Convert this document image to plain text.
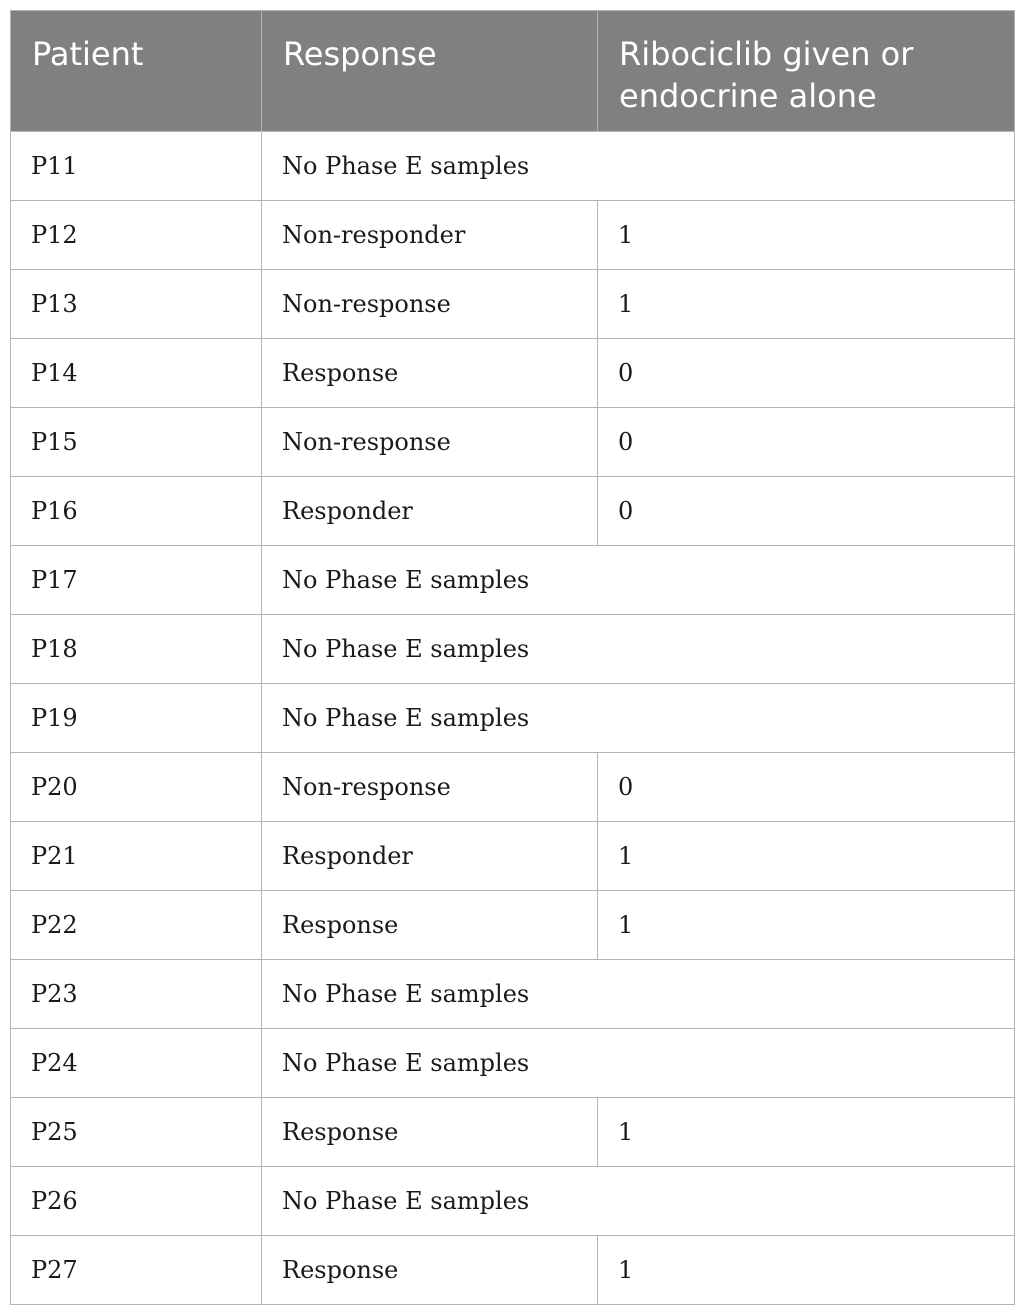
Patient	Response	Ribociclib given or endocrine alone
P11	No Phase E samples	
P12	Non-responder	1
P13	Non-response	1
P14	Response	0
P15	Non-response	0
P16	Responder	0
P17	No Phase E samples	
P18	No Phase E samples	
P19	No Phase E samples	
P20	Non-response	0
P21	Responder	1
P22	Response	1
P23	No Phase E samples	
P24	No Phase E samples	
P25	Response	1
P26	No Phase E samples	
P27	Response	1
